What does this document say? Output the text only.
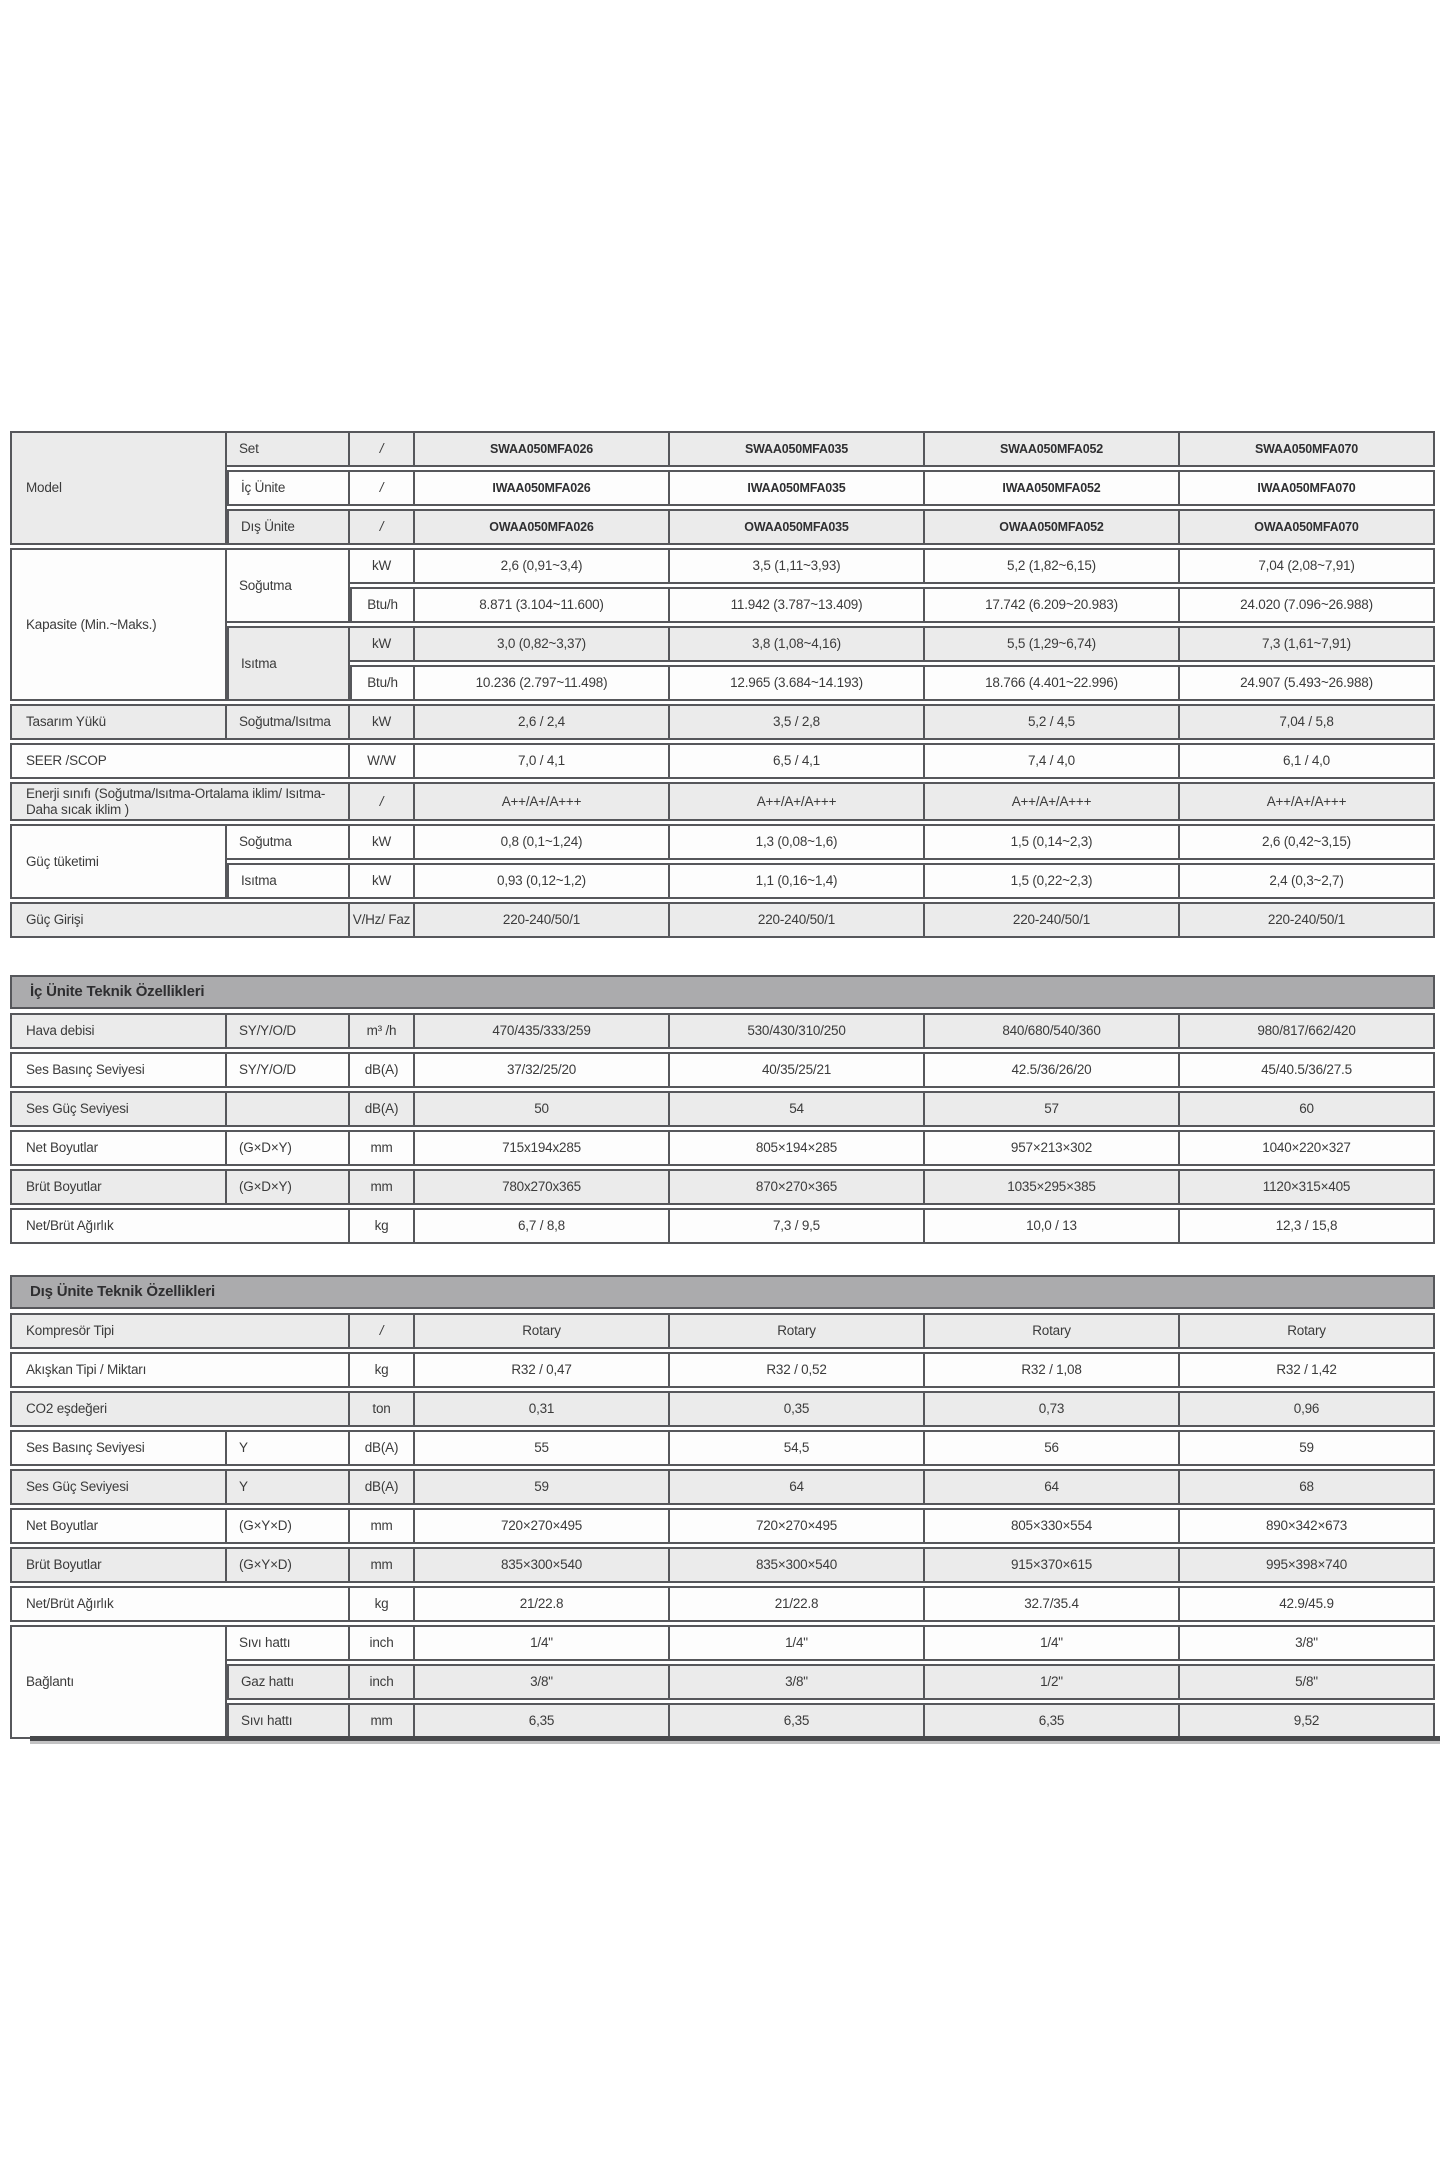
Model	Set	/	SWAA050MFA026	SWAA050MFA035	SWAA050MFA052	SWAA050MFA070
	İç Ünite	/	IWAA050MFA026	IWAA050MFA035	IWAA050MFA052	IWAA050MFA070
	Dış Ünite	/	OWAA050MFA026	OWAA050MFA035	OWAA050MFA052	OWAA050MFA070
Kapasite (Min.~Maks.)	Soğutma	kW	2,6 (0,91~3,4)	3,5 (1,11~3,93)	5,2 (1,82~6,15)	7,04 (2,08~7,91)
		Btu/h	8.871 (3.104~11.600)	11.942 (3.787~13.409)	17.742 (6.209~20.983)	24.020 (7.096~26.988)
	Isıtma	kW	3,0 (0,82~3,37)	3,8 (1,08~4,16)	5,5 (1,29~6,74)	7,3 (1,61~7,91)
		Btu/h	10.236 (2.797~11.498)	12.965 (3.684~14.193)	18.766 (4.401~22.996)	24.907 (5.493~26.988)
Tasarım Yükü	Soğutma/Isıtma	kW	2,6 / 2,4	3,5 / 2,8	5,2 / 4,5	7,04 / 5,8
SEER /SCOP		W/W	7,0 / 4,1	6,5 / 4,1	7,4 / 4,0	6,1 / 4,0
Enerji sınıfı (Soğutma/Isıtma-Ortalama iklim/ Isıtma-Daha sıcak iklim )		/	A++/A+/A+++	A++/A+/A+++	A++/A+/A+++	A++/A+/A+++
Güç tüketimi	Soğutma	kW	0,8 (0,1~1,24)	1,3 (0,08~1,6)	1,5 (0,14~2,3)	2,6 (0,42~3,15)
	Isıtma	kW	0,93 (0,12~1,2)	1,1 (0,16~1,4)	1,5 (0,22~2,3)	2,4 (0,3~2,7)
Güç Girişi		V/Hz/ Faz	220-240/50/1	220-240/50/1	220-240/50/1	220-240/50/1
İç Ünite Teknik Özellikleri
Hava debisi	SY/Y/O/D	m³ /h	470/435/333/259	530/430/310/250	840/680/540/360	980/817/662/420
Ses Basınç Seviyesi	SY/Y/O/D	dB(A)	37/32/25/20	40/35/25/21	42.5/36/26/20	45/40.5/36/27.5
Ses Güç Seviyesi		dB(A)	50	54	57	60
Net Boyutlar	(G×D×Y)	mm	715x194x285	805×194×285	957×213×302	1040×220×327
Brüt Boyutlar	(G×D×Y)	mm	780x270x365	870×270×365	1035×295×385	1120×315×405
Net/Brüt Ağırlık		kg	6,7 / 8,8	7,3 / 9,5	10,0 / 13	12,3 / 15,8
Dış Ünite Teknik Özellikleri
Kompresör Tipi		/	Rotary	Rotary	Rotary	Rotary
Akışkan Tipi / Miktarı		kg	R32 / 0,47	R32 / 0,52	R32 / 1,08	R32 / 1,42
CO2 eşdeğeri		ton	0,31	0,35	0,73	0,96
Ses Basınç Seviyesi	Y	dB(A)	55	54,5	56	59
Ses Güç Seviyesi	Y	dB(A)	59	64	64	68
Net Boyutlar	(G×Y×D)	mm	720×270×495	720×270×495	805×330×554	890×342×673
Brüt Boyutlar	(G×Y×D)	mm	835×300×540	835×300×540	915×370×615	995×398×740
Net/Brüt Ağırlık		kg	21/22.8	21/22.8	32.7/35.4	42.9/45.9
Bağlantı	Sıvı hattı	inch	1/4"	1/4"	1/4"	3/8"
	Gaz hattı	inch	3/8"	3/8"	1/2"	5/8"
	Sıvı hattı	mm	6,35	6,35	6,35	9,52
